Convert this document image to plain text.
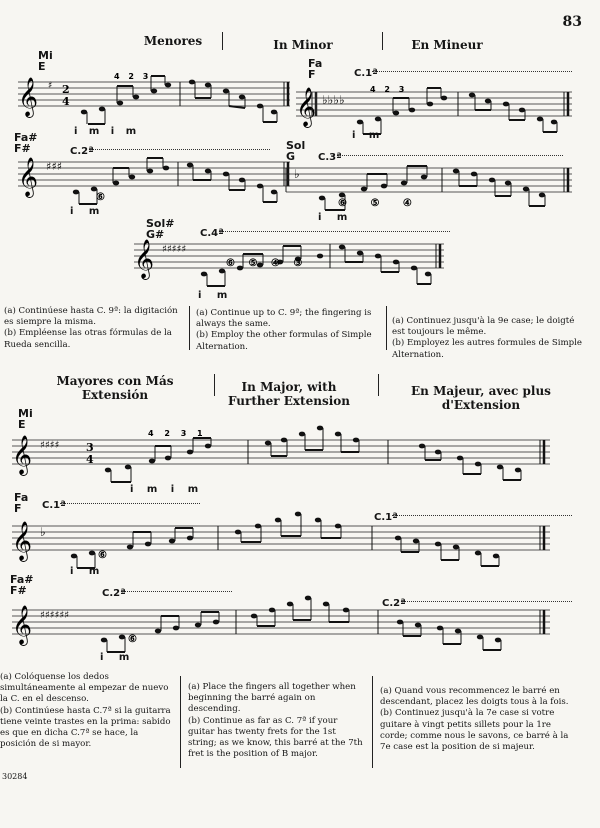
83
Menores	In Minor	En Mineur
Mi
E	Fa
F
Fa#
F#	Sol
G
Sol#
G#
C.1ª
C.2ª
C.3ª
C.4ª
i m i m	i m
i m
i m
i m
𝄞 ♯ 2
4
4 2 3
𝄞 ♭♭♭♭
4 2 3
𝄞 ♯♯♯
⑥
♭
⑥ ⑤ ④
𝄞 ♯♯♯♯♯
⑥ ⑤ ④ ③

(a) Continúese hasta C. 9ª: la digitación es siempre la misma.

(b) Empléense las otras fórmulas de la Rueda sencilla.

(a) Continue up to C. 9ª; the fingering is always the same.

(b) Employ the other formulas of Simple Alternation.

(a) Continuez jusqu'à la 9e case; le doigté est toujours le même.

(b) Employez les autres formules de Simple Alternation.

Mayores con Más Extensión
In Major, with Further Extension
En Majeur, avec plus d'Extension
Mi
E
Fa
F
Fa#
F#
C.1ª
C.1ª
C.2ª
C.2ª
i m i m
i m
i m
𝄞 ♯♯♯♯ 3
4
4 2 3 1
𝄞 ♭
⑥
𝄞 ♯♯♯♯♯♯
⑥

(a) Colóquense los dedos simultáneamente al empezar de nuevo la C. en el descenso.

(b) Continúese hasta C.7ª si la guitarra tiene veinte trastes en la prima: sabido es que en dicha C.7ª se hace, la posición de si mayor.

(a) Place the fingers all together when beginning the barré again on descending.

(b) Continue as far as C. 7ª if your guitar has twenty frets for the 1st string; as we know, this barré at the 7th fret is the position of B major.

(a) Quand vous recommencez le barré en descendant, placez les doigts tous à la fois.

(b) Continuez jusqu'à la 7e case si votre guitare à vingt petits sillets pour la 1re corde; comme nous le savons, ce barré à la 7e case est la position de si majeur.

30284
